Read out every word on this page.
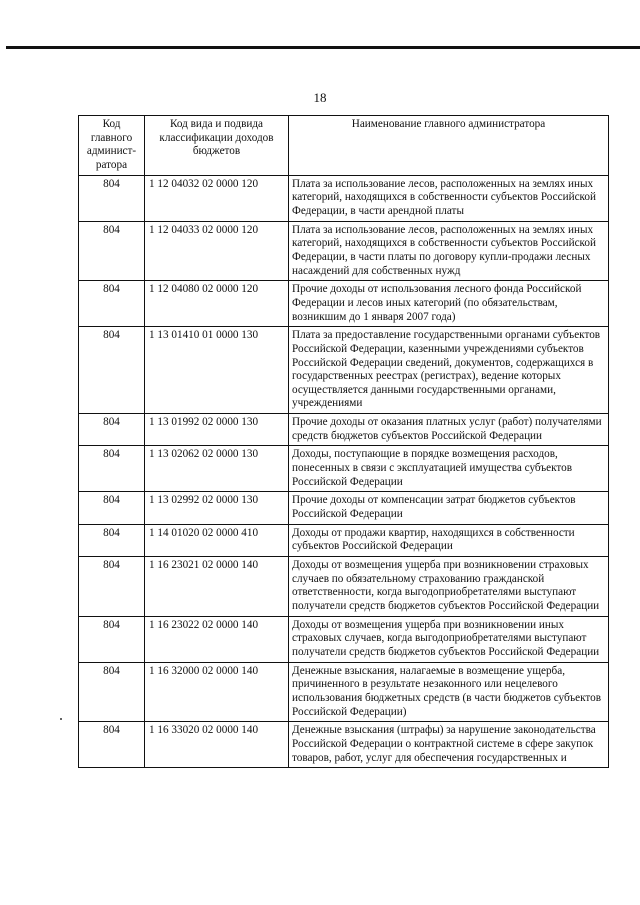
18
Код главного админист-ратора	Код вида и подвида классификации доходов бюджетов	Наименование главного администратора
804	1 12 04032 02 0000 120	Плата за использование лесов, расположенных на землях иных категорий, находящихся в собственности субъектов Российской Федерации, в части арендной платы
804	1 12 04033 02 0000 120	Плата за использование лесов, расположенных на землях иных категорий, находящихся в собственности субъектов Российской Федерации, в части платы по договору купли-продажи лесных насаждений для собственных нужд
804	1 12 04080 02 0000 120	Прочие доходы от использования лесного фонда Российской Федерации и лесов иных категорий (по обязательствам, возникшим до 1 января 2007 года)
804	1 13 01410 01 0000 130	Плата за предоставление государственными органами субъектов Российской Федерации, казенными учреждениями субъектов Российской Федерации сведений, документов, содержащихся в государственных реестрах (регистрах), ведение которых осуществляется данными государственными органами, учреждениями
804	1 13 01992 02 0000 130	Прочие доходы от оказания платных услуг (работ) получателями средств бюджетов субъектов Российской Федерации
804	1 13 02062 02 0000 130	Доходы, поступающие в порядке возмещения расходов, понесенных в связи с эксплуатацией имущества субъектов Российской Федерации
804	1 13 02992 02 0000 130	Прочие доходы от компенсации затрат бюджетов субъектов Российской Федерации
804	1 14 01020 02 0000 410	Доходы от продажи квартир, находящихся в собственности субъектов Российской Федерации
804	1 16 23021 02 0000 140	Доходы от возмещения ущерба при возникновении страховых случаев по обязательному страхованию гражданской ответственности, когда выгодоприобретателями выступают получатели средств бюджетов субъектов Российской Федерации
804	1 16 23022 02 0000 140	Доходы от возмещения ущерба при возникновении иных страховых случаев, когда выгодоприобретателями выступают получатели средств бюджетов субъектов Российской Федерации
804	1 16 32000 02 0000 140	Денежные взыскания, налагаемые в возмещение ущерба, причиненного в результате незаконного или нецелевого использования бюджетных средств (в части бюджетов субъектов Российской Федерации)
804	1 16 33020 02 0000 140	Денежные взыскания (штрафы) за нарушение законодательства Российской Федерации о контрактной системе в сфере закупок товаров, работ, услуг для обеспечения государственных и
